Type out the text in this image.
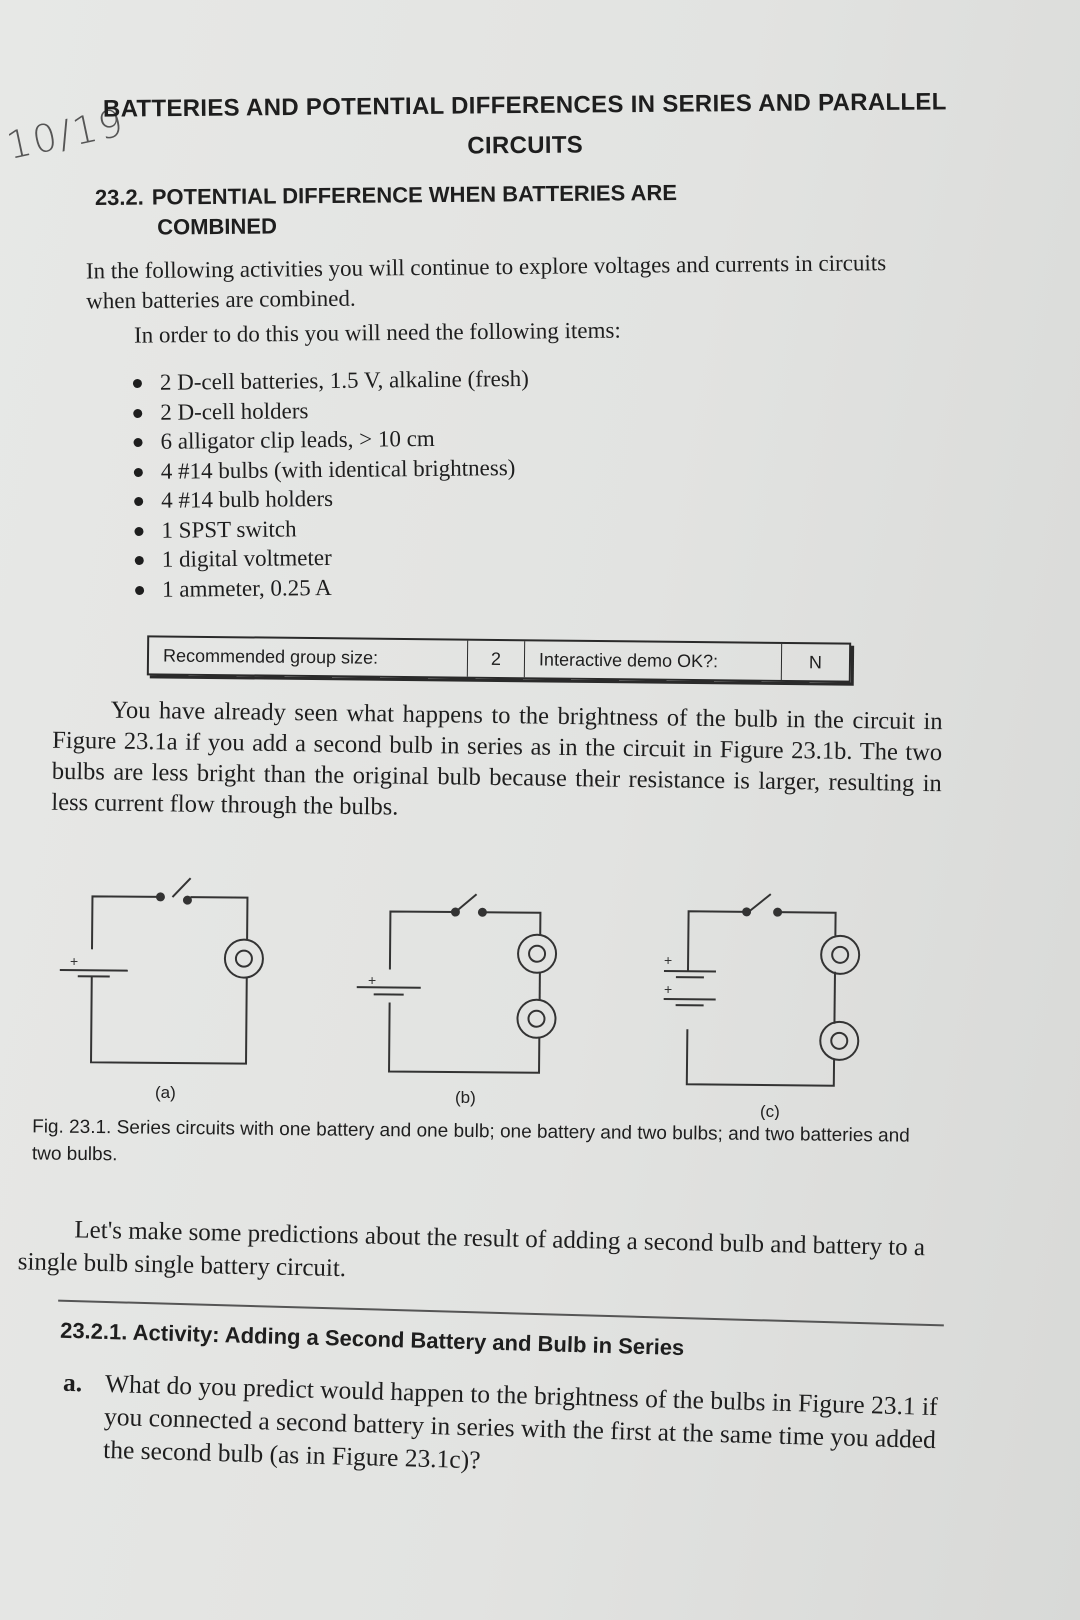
10/19
BATTERIES AND POTENTIAL DIFFERENCES IN SERIES AND PARALLEL CIRCUITS
23.2. POTENTIAL DIFFERENCE WHEN BATTERIES ARE
COMBINED
In the following activities you will continue to explore voltages and currents in circuits when batteries are combined.
In order to do this you will need the following items:
2 D-cell batteries, 1.5 V, alkaline (fresh)
2 D-cell holders
6 alligator clip leads, > 10 cm
4 #14 bulbs (with identical brightness)
4 #14 bulb holders
1 SPST switch
1 digital voltmeter
1 ammeter, 0.25 A
Recommended group size:	2	Interactive demo OK?:	N
You have already seen what happens to the brightness of the bulb in the circuit in Figure 23.1a if you add a second bulb in series as in the circuit in Figure 23.1b. The two bulbs are less bright than the original bulb because their resistance is larger, resulting in less current flow through the bulbs.
+
+
+
+
(a)	(b)
(c)
Fig. 23.1. Series circuits with one battery and one bulb; one battery and two bulbs; and two batteries and two bulbs.
Let's make some predictions about the result of adding a second bulb and battery to a single bulb single battery circuit.
23.2.1. Activity: Adding a Second Battery and Bulb in Series
a. What do you predict would happen to the brightness of the bulbs in Figure 23.1 if you connected a second battery in series with the first at the same time you added the second bulb (as in Figure 23.1c)?
